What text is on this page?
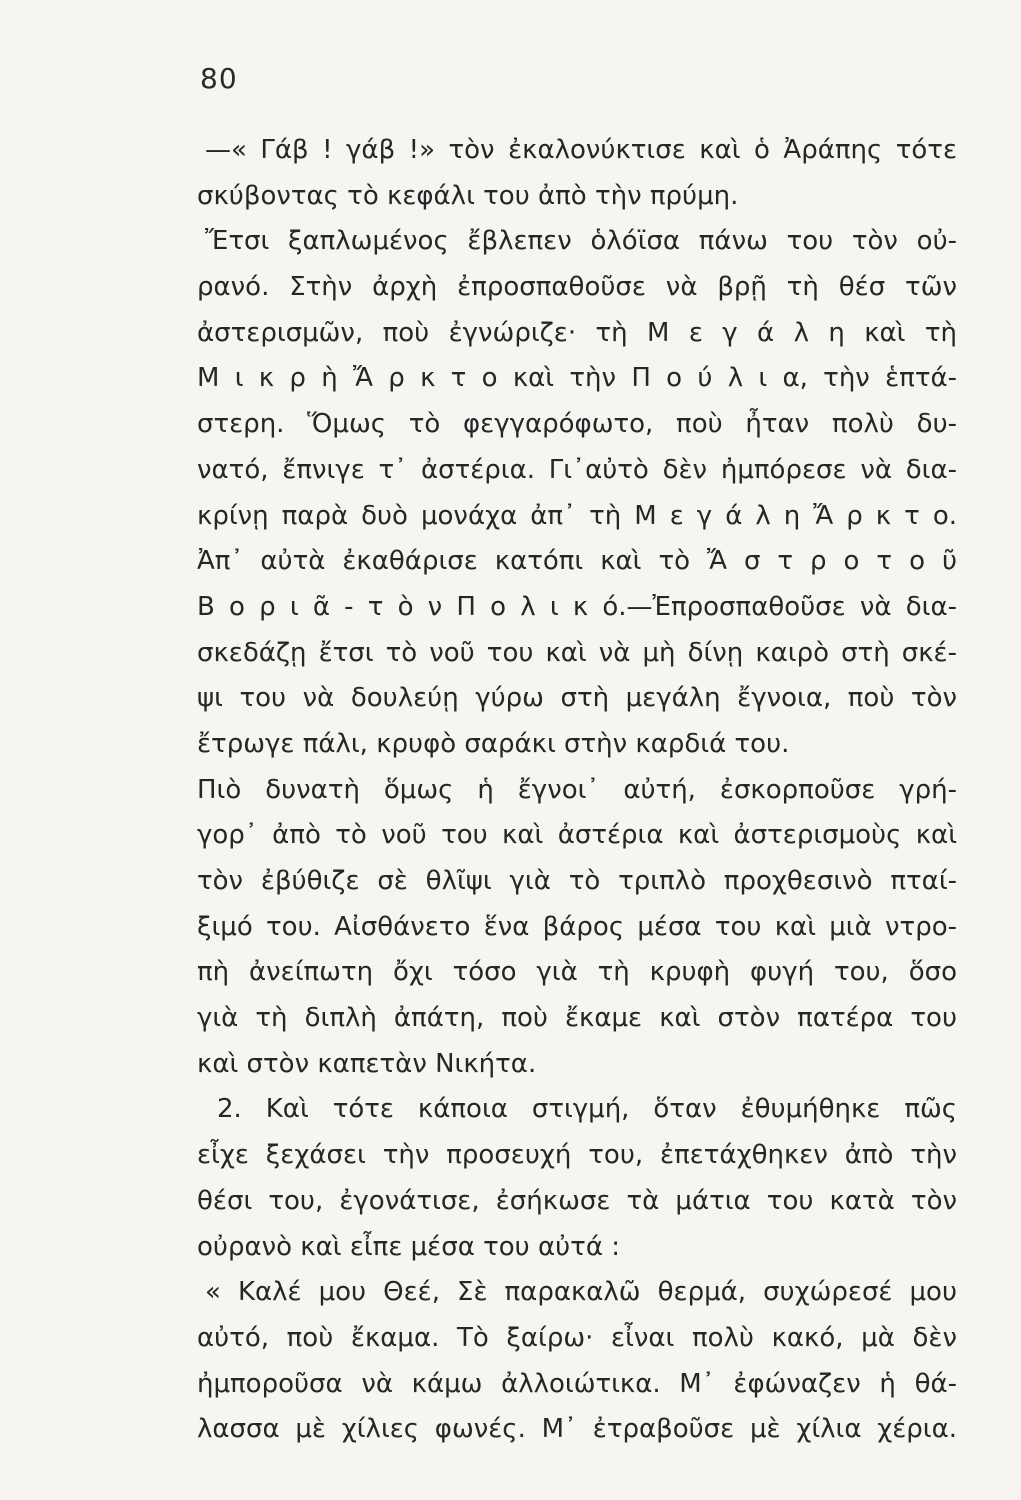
80
—« Γάβ ! γάβ !» τὸν ἐκαλονύκτισε καὶ ὁ Ἀράπης τότε
σκύβοντας τὸ κεφάλι του ἀπὸ τὴν πρύμη.
Ἔτσι ξαπλωμένος ἔβλεπεν ὁλόϊσα πάνω του τὸν οὐ-
ρανό. Στὴν ἀρχὴ ἐπροσπαθοῦσε νὰ βρῇ τὴ θέσ τῶν
ἀστερισμῶν, ποὺ ἐγνώριζε· τὴ Μ ε γ ά λ η καὶ τὴ
Μ ι κ ρ ὴ Ἄ ρ κ τ ο καὶ τὴν Π ο ύ λ ι α, τὴν ἑπτά-
στερη. Ὅμως τὸ φεγγαρόφωτο, ποὺ ἦταν πολὺ δυ-
νατό, ἔπνιγε τ᾽ ἀστέρια. Γι᾽αὐτὸ δὲν ἠμπόρεσε νὰ δια-
κρίνῃ παρὰ δυὸ μονάχα ἀπ᾽ τὴ Μ ε γ ά λ η Ἄ ρ κ τ ο.
Ἀπ᾽ αὐτὰ ἐκαθάρισε κατόπι καὶ τὸ Ἄ σ τ ρ ο τ ο ῦ
Β ο ρ ι ᾶ - τ ὸ ν Π ο λ ι κ ό.—Ἐπροσπαθοῦσε νὰ δια-
σκεδάζῃ ἔτσι τὸ νοῦ του καὶ νὰ μὴ δίνῃ καιρὸ στὴ σκέ-
ψι του νὰ δουλεύῃ γύρω στὴ μεγάλη ἔγνοια, ποὺ τὸν
ἔτρωγε πάλι, κρυφὸ σαράκι στὴν καρδιά του.
Πιὸ δυνατὴ ὅμως ἡ ἔγνοι᾽ αὐτή, ἐσκορποῦσε γρή-
γορ᾽ ἀπὸ τὸ νοῦ του καὶ ἀστέρια καὶ ἀστερισμοὺς καὶ
τὸν ἐβύθιζε σὲ θλῖψι γιὰ τὸ τριπλὸ προχθεσινὸ πταί-
ξιμό του. Αἰσθάνετο ἕνα βάρος μέσα του καὶ μιὰ ντρο-
πὴ ἀνείπωτη ὄχι τόσο γιὰ τὴ κρυφὴ φυγή του, ὅσο
γιὰ τὴ διπλὴ ἀπάτη, ποὺ ἔκαμε καὶ στὸν πατέρα του
καὶ στὸν καπετὰν Νικήτα.
2. Καὶ τότε κάποια στιγμή, ὅταν ἐθυμήθηκε πῶς
εἶχε ξεχάσει τὴν προσευχή του, ἐπετάχθηκεν ἀπὸ τὴν
θέσι του, ἐγονάτισε, ἐσήκωσε τὰ μάτια του κατὰ τὸν
οὐρανὸ καὶ εἶπε μέσα του αὐτά :
« Καλέ μου Θεέ, Σὲ παρακαλῶ θερμά, συχώρεσέ μου
αὐτό, ποὺ ἔκαμα. Τὸ ξαίρω· εἶναι πολὺ κακό, μὰ δὲν
ἠμποροῦσα νὰ κάμω ἀλλοιώτικα. Μ᾽ ἐφώναζεν ἡ θά-
λασσα μὲ χίλιες φωνές. Μ᾽ ἐτραβοῦσε μὲ χίλια χέρια.
